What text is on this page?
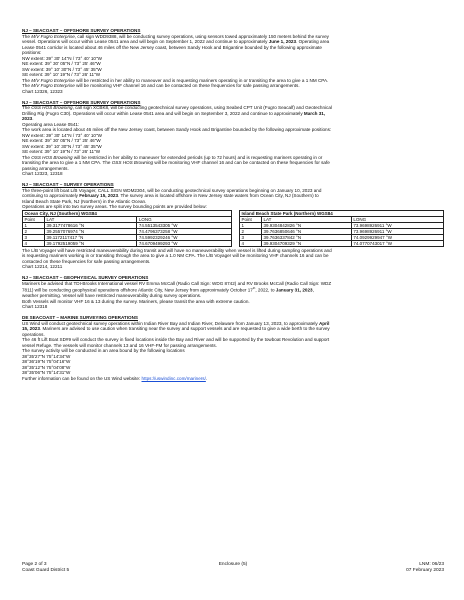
NJ – SEACOAST – OFFSHORE SURVEY OPERATIONS
The M/V Fugro Enterprise, call sign WDD9388, will be conducting survey operations, using sensors towed approximately 150 meters behind the survey
vessel. Operations will occur within Lease 0541 area and will begin on September 1, 2022 and continue to approximately June 1, 2023. Operating area
Lease 0541 corridor is located about 46 miles off the New Jersey coast, between Sandy Hook and Brigantine bounded by the following approximate
positions:
NW extent: 39° 30' 14"N / 73° 40' 10"W
NE extent: 39° 30' 05"N / 73° 25' 46"W
SW extent: 39° 10' 30"N / 73° 45' 35"W
SE extent: 39° 10' 19"N / 73° 26' 11"W
The M/V Fugro Enterprise will be restricted in her ability to maneuver and is requesting mariners operating in or transiting the area to give a 1 NM CPA.
The M/V Fugro Enterprise will be monitoring VHF channel 16 and can be contacted on these frequencies for safe passing arrangements.
Chart 12326, 12323
NJ – SEACOAST – OFFSHORE SURVEY OPERATIONS
The OSS HOS Browning, call sign XCBK8, will be conducting geotechnical survey operations, using Seabed CPT Unit (Fugro Seacalf) and Geotechnical
Drilling Rig (Fugro C30). Operations will occur within Lease 0541 area and will begin on September 3, 2022 and continue to approximately March 31,
2023.
Operating area Lease 0541:
The work area is located about 46 miles off the New Jersey coast, between Sandy Hook and Brigantine bounded by the following approximate positions:
NW extent: 39° 30' 14"N / 73° 40' 10"W
NE extent: 39° 30' 05"N / 73° 25' 46"W
SW extent: 39° 10' 30"N / 73° 45' 35"W
SE extent: 39° 10' 19"N / 73° 26' 11"W
The OSS HOS Browning will be restricted in her ability to maneuver for extended periods (up to 72 hours) and is requesting mariners operating in or
transiting the area to give a 1 NM CPA. The OSS HOS Browning will be monitoring VHF channel 16 and can be contacted on these frequencies for safe
passing arrangements.
Chart 12323, 12318
NJ – SEACOAST – SURVEY OPERATIONS
The three-point lift boat L/B Voyager, CALL SIGN WDM2304, will be conducting geotechnical survey operations beginning on January 10, 2023 and
continuing to approximately February 15, 2023. The survey area is located offshore in New Jersey state waters from Ocean City, NJ (Southern) to
Island Beach State Park, NJ (Northern) in the Atlantic Ocean.
Operations are split into two survey areas. The survey bounding points are provided below:
Ocean City, NJ (Southern) WGS84		
Point	LAT	LONG
1	39.3177478616 °N	74.5513543305 °W
2	39.2557076974 °N	74.4796373258 °W
3	39.1172117417 °N	74.5992329246 °W
4	39.1792519059 °N	74.6709499293 °W
Island Beach State Park (Northern) WGS84		
Point	LAT	LONG
1	39.9304842826 °N	73.9698926911 °W
2	39.7636850646 °N	73.9698926911 °W
3	39.7636337842 °N	74.0929929947 °W
4	39.9304709329 °N	74.0770743017 °W
The L/B Voyager will have restricted maneuverability during transit and will have no maneuverability when vessel is lifted during sampling operations and
is requesting mariners working in or transiting through the area to give a 1.0 NM CPA. The L/B Voyager will be monitoring VHF channels 16 and can be
contacted on these frequencies for safe passing arrangements.
Chart 12214, 12211
NJ – SEACOAST – GEOPHYSICAL SURVEY OPERATIONS
Mariners be advised that TDI-Brooks International vessel RV Emma McCall (Radio Call Sign: WDG 8742) and RV Brooks McCall (Radio Call Sign: WDZ
7811) will be conducting geophysical operations offshore Atlantic City, New Jersey from approximately October 17th, 2022, to January 31, 2023,
weather permitting. Vessel will have restricted maneuverability during survey operations.
Both Vessels will monitor VHF 16 & 13 during the survey. Mariners, please transit the area with extreme caution.
Chart 12318
DE SEACOAST – MARINE SURVEYING OPERATIONS
US Wind will conduct geotechnical survey operations within Indian River Bay and Indian River, Delaware from January 13, 2023, to approximately April
15, 2023. Mariners are advised to use caution when transiting near the survey and support vessels and are requested to give a wide berth to the survey
operations.
The 46 ft Lift Boat SD#9 will conduct the survey in fixed locations inside the Bay and River and will be supported by the towboat Revolution and support
vessel Refuge. The vessels will monitor channels 13 and 16 VHF-FM for passing arrangements.
The survey activity will be conducted in an area bound by the following locations
38°35'27"N 75°14'34"W
38°36'19"N 75°04'16"W
38°35'12"N 75°04'08"W
38°35'06"N 75°14'31"W
Further information can be found on the US Wind website: https://uswindinc.com/mariners/.
Page 2 of 3
Coast Guard District 5
Enclosure (5)	LNM: 06/23
07 February 2023
